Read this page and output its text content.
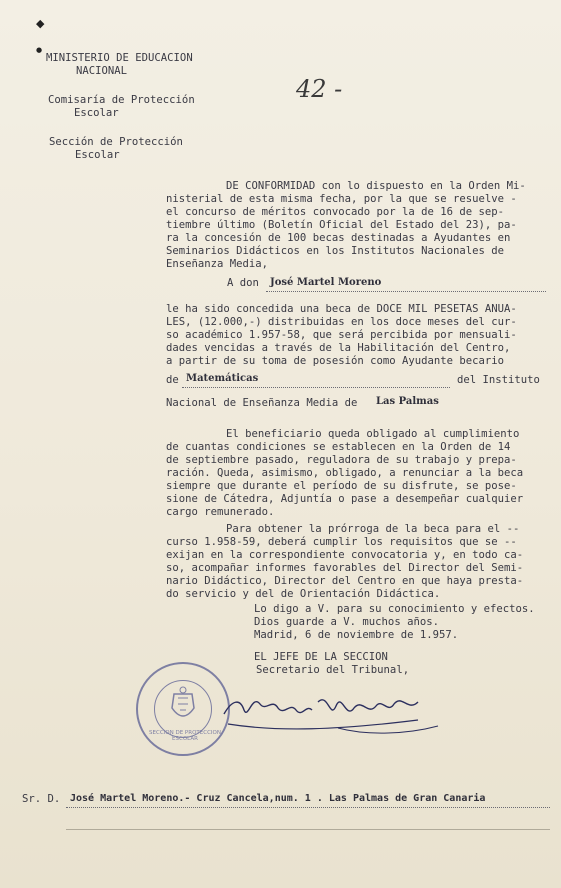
◆
●
MINISTERIO DE EDUCACION
NACIONAL
Comisaría de Protección
Escolar
Sección de Protección
Escolar
42 -
DE CONFORMIDAD con lo dispuesto en la Orden Mi-
nisterial de esta misma fecha, por la que se resuelve -
el concurso de méritos convocado por la de 16 de sep-
tiembre último (Boletín Oficial del Estado del 23), pa-
ra la concesión de 100 becas destinadas a Ayudantes en
Seminarios Didácticos en los Institutos Nacionales de
Enseñanza Media,
A don José Martel Moreno
le ha sido concedida una beca de DOCE MIL PESETAS ANUA-
LES, (12.000,-) distribuidas en los doce meses del cur-
so académico 1.957-58, que será percibida por mensuali-
dades vencidas a través de la Habilitación del Centro,
a partir de su toma de posesión como Ayudante becario
de Matemáticas	del Instituto
Nacional de Enseñanza Media de Las Palmas
El beneficiario queda obligado al cumplimiento
de cuantas condiciones se establecen en la Orden de 14
de septiembre pasado, reguladora de su trabajo y prepa-
ración. Queda, asimismo, obligado, a renunciar a la beca
siempre que durante el período de su disfrute, se pose-
sione de Cátedra, Adjuntía o pase a desempeñar cualquier
cargo remunerado.
Para obtener la prórroga de la beca para el --
curso 1.958-59, deberá cumplir los requisitos que se --
exijan en la correspondiente convocatoria y, en todo ca-
so, acompañar informes favorables del Director del Semi-
nario Didáctico, Director del Centro en que haya presta-
do servicio y del de Orientación Didáctica.
Lo digo a V. para su conocimiento y efectos.
Dios guarde a V. muchos años.
Madrid, 6 de noviembre de 1.957.
EL JEFE DE LA SECCION
Secretario del Tribunal,
SECCION DE PROTECCION ESCOLAR
Sr. D. José Martel Moreno.- Cruz Cancela,num. 1 . Las Palmas de Gran Canaria
